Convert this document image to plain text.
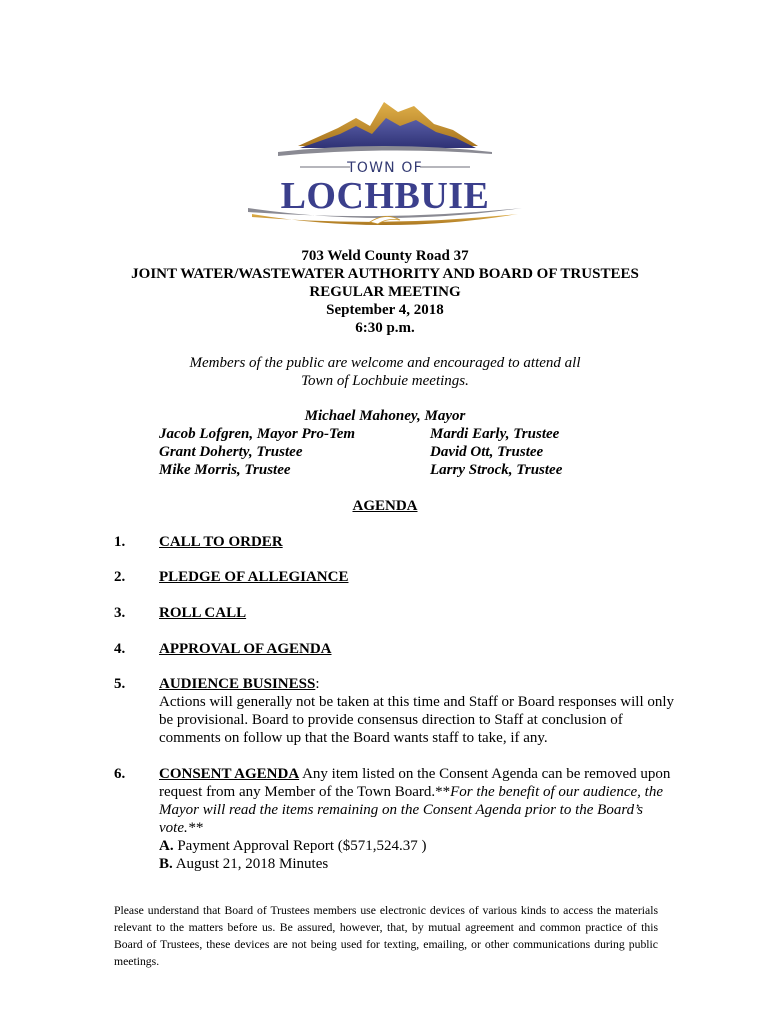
TOWN OF
LOCHBUIE
703 Weld County Road 37
JOINT WATER/WASTEWATER AUTHORITY AND BOARD OF TRUSTEES
REGULAR MEETING
September 4, 2018
6:30 p.m.
Members of the public are welcome and encouraged to attend all
Town of Lochbuie meetings.
Michael Mahoney, Mayor
Jacob Lofgren, Mayor Pro-Tem
Grant Doherty, Trustee
Mike Morris, Trustee
Mardi Early, Trustee
David Ott, Trustee
Larry Strock, Trustee
AGENDA
1. CALL TO ORDER
2. PLEDGE OF ALLEGIANCE
3. ROLL CALL
4. APPROVAL OF AGENDA
5. AUDIENCE BUSINESS:
Actions will generally not be taken at this time and Staff or Board responses will only be provisional. Board to provide consensus direction to Staff at conclusion of comments on follow up that the Board wants staff to take, if any.
6. CONSENT AGENDA Any item listed on the Consent Agenda can be removed upon request from any Member of the Town Board.**For the benefit of our audience, the Mayor will read the items remaining on the Consent Agenda prior to the Board’s vote.**
A. Payment Approval Report ($571,524.37 )
B. August 21, 2018 Minutes
Please understand that Board of Trustees members use electronic devices of various kinds to access the materials relevant to the matters before us. Be assured, however, that, by mutual agreement and common practice of this Board of Trustees, these devices are not being used for texting, emailing, or other communications during public meetings.
